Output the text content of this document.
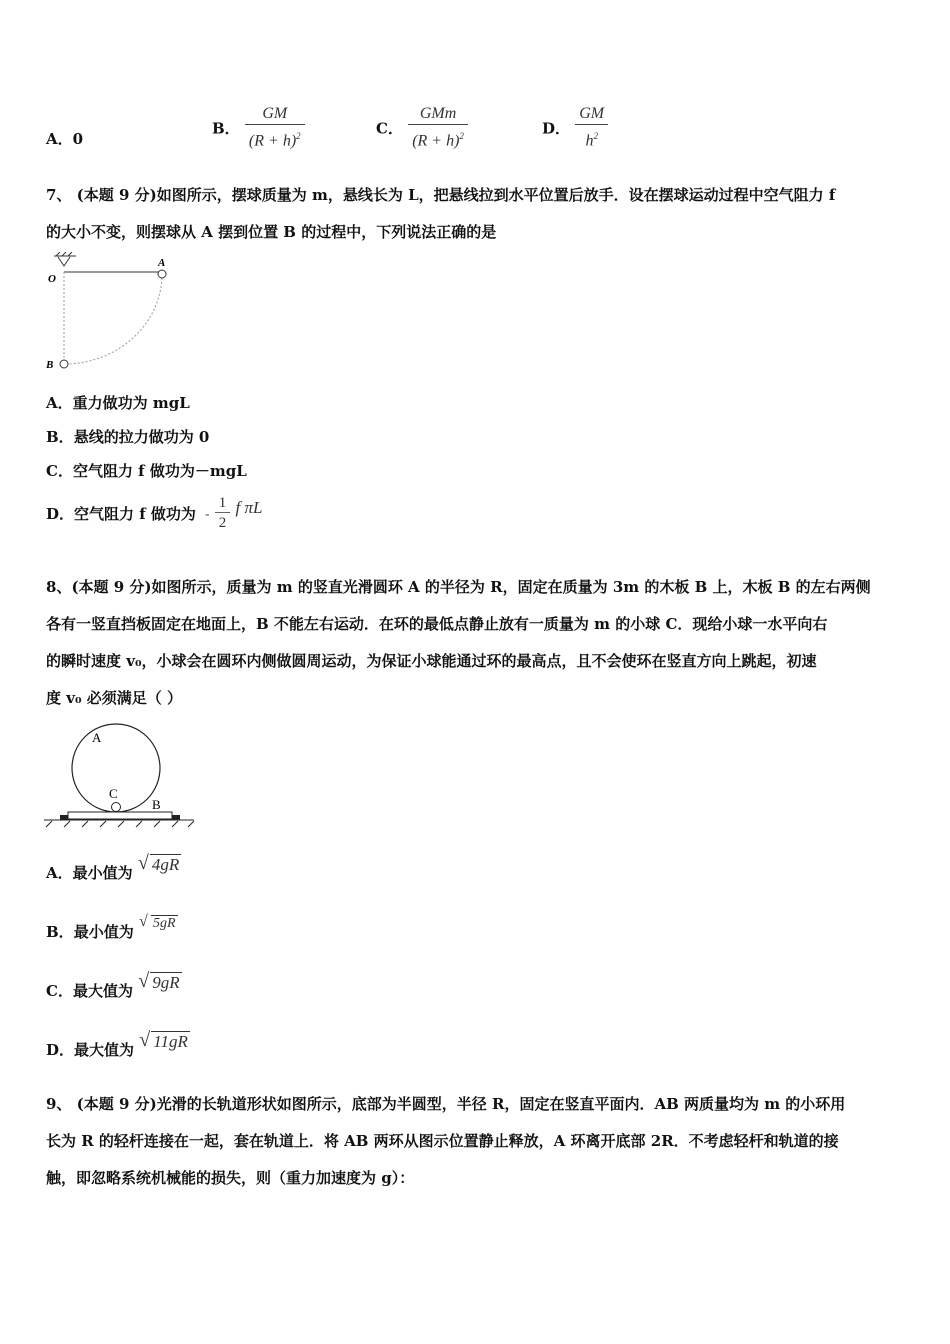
A．0
B． $\frac{GM}{(R + h)^2}$	C． $\frac{\text{GMm}}{(R + h)^2}$	D． $\frac{GM}{h^2}$
7、 (本题 9 分)如图所示，摆球质量为 m，悬线长为 L，把悬线拉到水平位置后放手．设在摆球运动过程中空气阻力 f
的大小不变，则摆球从 A 摆到位置 B 的过程中，下列说法正确的是
O
A
B
A．重力做功为 mgL
B．悬线的拉力做功为 0
C．空气阻力 f 做功为－mgL
D．空气阻力 f 做功为 - $\frac{1}{2}$ f πL
8、(本题 9 分)如图所示，质量为 m 的竖直光滑圆环 A 的半径为 R，固定在质量为 3m 的木板 B 上，木板 B 的左右两侧
各有一竖直挡板固定在地面上，B 不能左右运动．在环的最低点静止放有一质量为 m 的小球 C．现给小球一水平向右
的瞬时速度 v₀，小球会在圆环内侧做圆周运动，为保证小球能通过环的最高点，且不会使环在竖直方向上跳起，初速
度 v₀ 必须满足（ ）
A
C
B
A．最小值为 √ 4gR
B．最小值为
√ 5gR
C．最大值为 √ 9gR
D．最大值为 √ 11gR
9、 (本题 9 分)光滑的长轨道形状如图所示，底部为半圆型，半径 R，固定在竖直平面内．AB 两质量均为 m 的小环用
长为 R 的轻杆连接在一起，套在轨道上．将 AB 两环从图示位置静止释放，A 环离开底部 2R．不考虑轻杆和轨道的接
触，即忽略系统机械能的损失，则（重力加速度为 g）：
